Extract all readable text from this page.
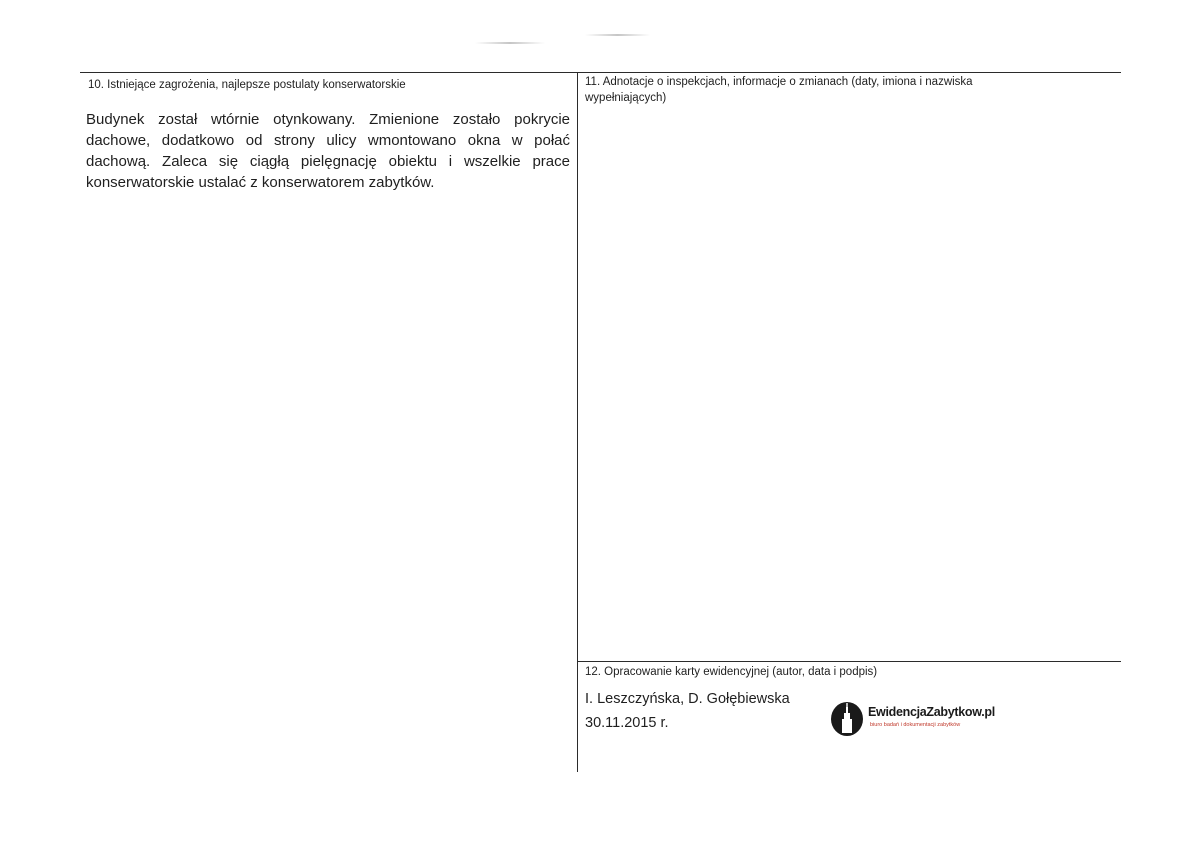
10. Istniejące zagrożenia, najlepsze postulaty konserwatorskie
Budynek został wtórnie otynkowany. Zmienione zostało pokrycie dachowe, dodatkowo od strony ulicy wmontowano okna w połać dachową. Zaleca się ciągłą pielęgnację obiektu i wszelkie prace konserwatorskie ustalać z konserwatorem zabytków.
11. Adnotacje o inspekcjach, informacje o zmianach (daty, imiona i nazwiska wypełniających)
12. Opracowanie karty ewidencyjnej (autor, data i podpis)
I. Leszczyńska, D. Gołębiewska
30.11.2015 r.
EwidencjaZabytkow.pl
biuro badań i dokumentacji zabytków
